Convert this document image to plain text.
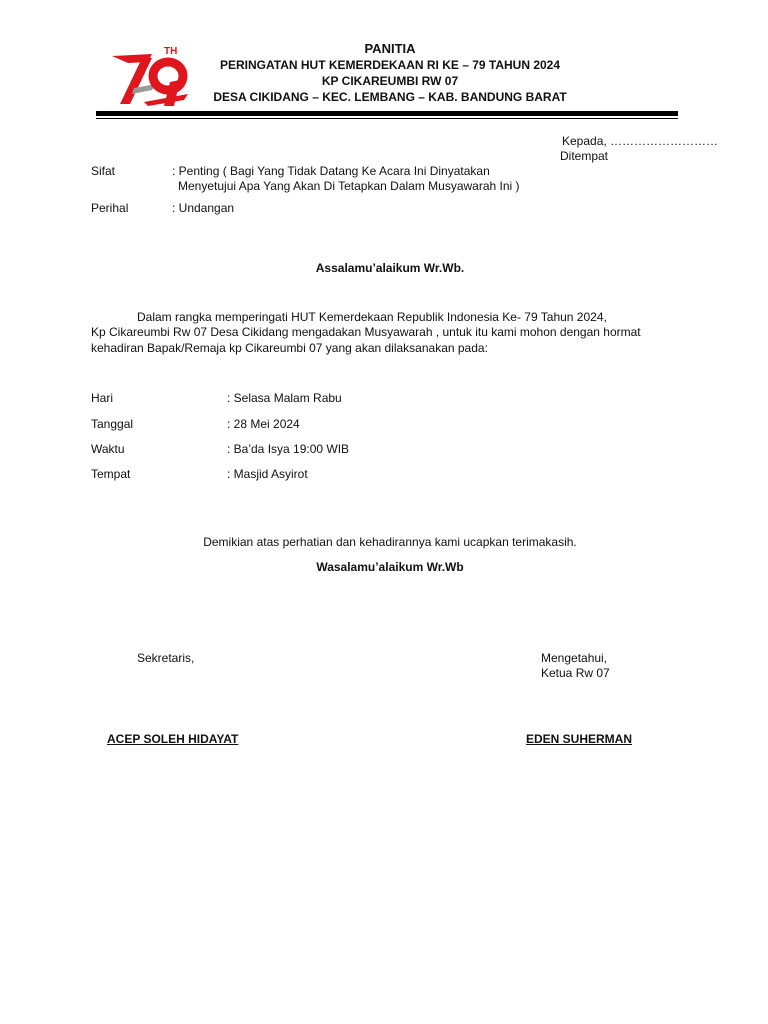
TH	PANITIA
PERINGATAN HUT KEMERDEKAAN RI KE – 79 TAHUN 2024
KP CIKAREUMBI RW 07
DESA CIKIDANG – KEC. LEMBANG – KAB. BANDUNG BARAT
Kepada, ………………………
Ditempat
Sifat	: Penting ( Bagi Yang Tidak Datang Ke Acara Ini Dinyatakan
Menyetujui Apa Yang Akan Di Tetapkan Dalam Musyawarah Ini )
Perihal	: Undangan
Assalamu’alaikum Wr.Wb.
Dalam rangka memperingati HUT Kemerdekaan Republik Indonesia Ke- 79 Tahun 2024,
Kp Cikareumbi Rw 07 Desa Cikidang mengadakan Musyawarah , untuk itu kami mohon dengan hormat
kehadiran Bapak/Remaja kp Cikareumbi 07 yang akan dilaksanakan pada:
Hari	: Selasa Malam Rabu
Tanggal	: 28 Mei 2024
Waktu	: Ba’da Isya 19:00 WIB
Tempat	: Masjid Asyirot
Demikian atas perhatian dan kehadirannya kami ucapkan terimakasih.
Wasalamu’alaikum Wr.Wb
Sekretaris,	Mengetahui,
Ketua Rw 07
ACEP SOLEH HIDAYAT	EDEN SUHERMAN
